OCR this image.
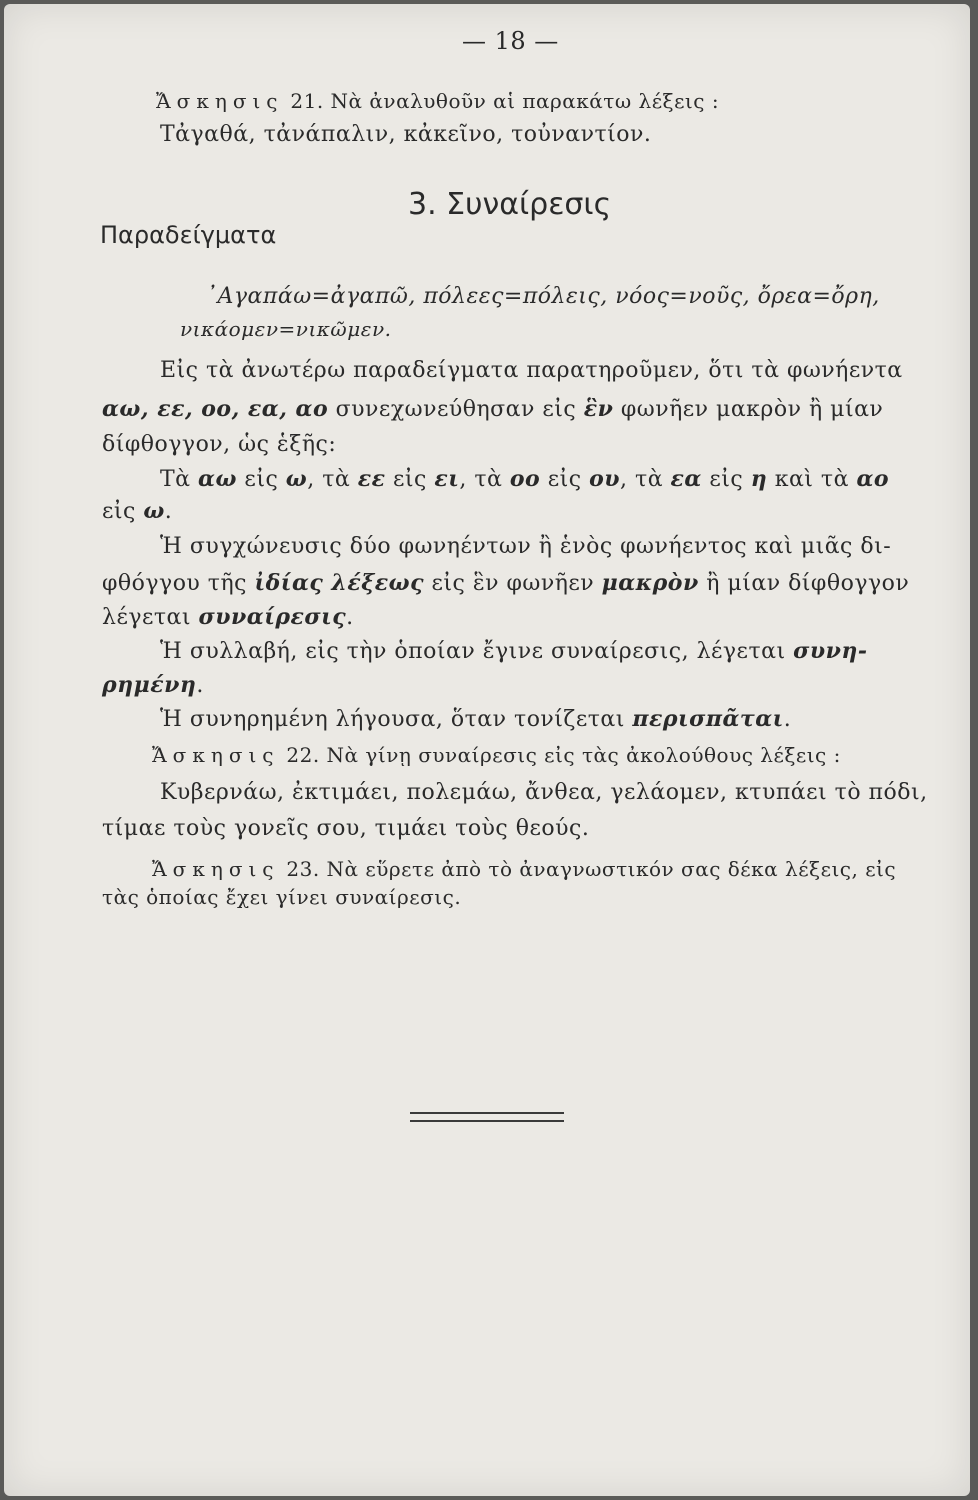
— 18 —
Ἄσκησις 21. Νὰ ἀναλυθοῦν αἱ παρακάτω λέξεις :
Τἀγαθά, τἀνάπαλιν, κἀκεῖνο, τοὐναντίον.
3. Συναίρεσις
Παραδείγματα
᾿Αγαπάω=ἀγαπῶ, πόλεες=πόλεις, νόος=νοῦς, ὄρεα=ὄρη,
νικάομεν=νικῶμεν.
Εἰς τὰ ἀνωτέρω παραδείγματα παρατηροῦμεν, ὅτι τὰ φωνήεντα
αω, εε, οο, εα, αο συνεχωνεύθησαν εἰς ἓν φωνῆεν μακρὸν ἢ μίαν
δίφθογγον, ὡς ἑξῆς:
Τὰ αω εἰς ω, τὰ εε εἰς ει, τὰ οο εἰς ου, τὰ εα εἰς η καὶ τὰ αο
εἰς ω.
Ἡ συγχώνευσις δύο φωνηέντων ἢ ἑνὸς φωνήεντος καὶ μιᾶς δι-
φθόγγου τῆς ἰδίας λέξεως εἰς ἓν φωνῆεν μακρὸν ἢ μίαν δίφθογγον
λέγεται συναίρεσις.
Ἡ συλλαβή, εἰς τὴν ὁποίαν ἔγινε συναίρεσις, λέγεται συνη-
ρημένη.
Ἡ συνηρημένη λήγουσα, ὅταν τονίζεται περισπᾶται.
Ἄσκησις 22. Νὰ γίνῃ συναίρεσις εἰς τὰς ἀκολούθους λέξεις :
Κυβερνάω, ἐκτιμάει, πολεμάω, ἄνθεα, γελάομεν, κτυπάει τὸ πόδι,
τίμαε τοὺς γονεῖς σου, τιμάει τοὺς θεούς.
Ἄσκησις 23. Νὰ εὕρετε ἀπὸ τὸ ἀναγνωστικόν σας δέκα λέξεις, εἰς
τὰς ὁποίας ἔχει γίνει συναίρεσις.
